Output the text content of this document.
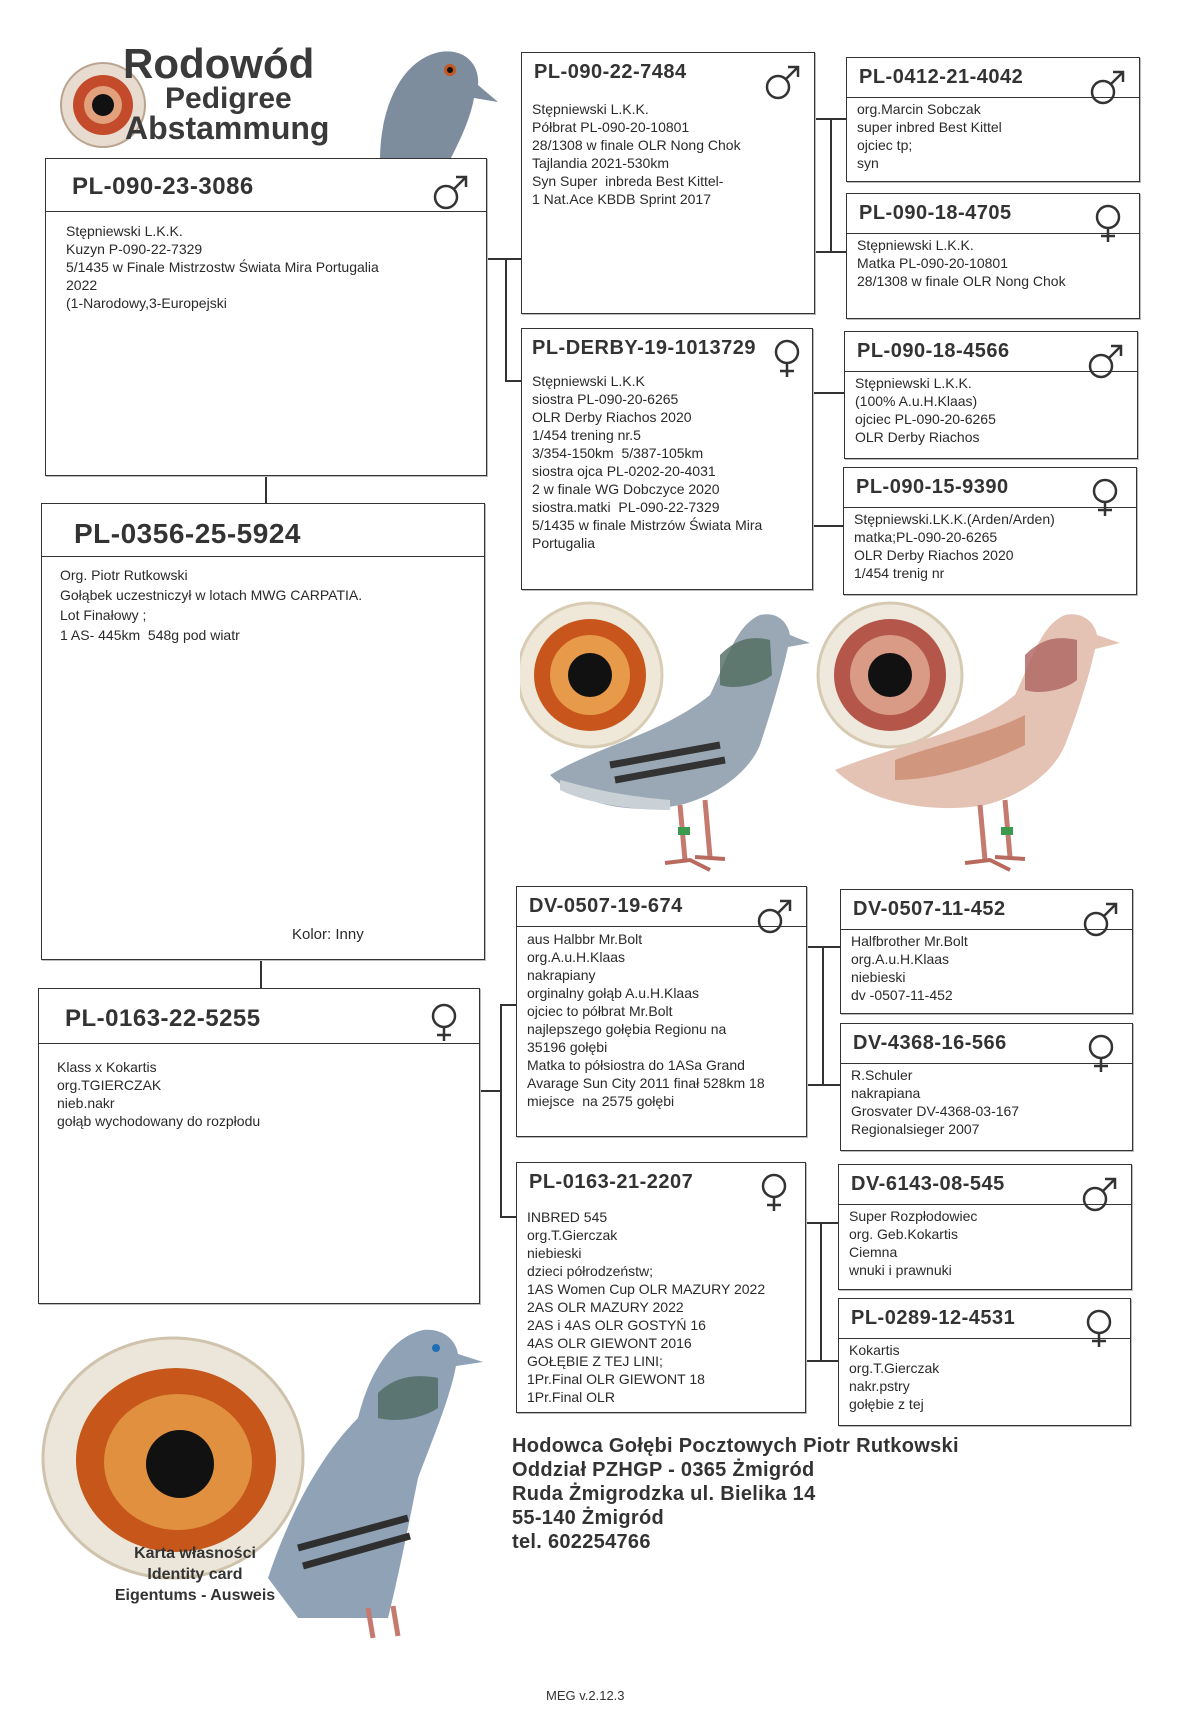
Rodowód
Pedigree
Abstammung
PL-090-23-3086
Stępniewski L.K.K.
Kuzyn P-090-22-7329
5/1435 w Finale Mistrzostw Świata Mira Portugalia
2022
(1-Narodowy,3-Europejski
PL-0356-25-5924
Org. Piotr Rutkowski
Gołąbek uczestniczył w lotach MWG CARPATIA.
Lot Finałowy ;
1 AS- 445km  548g pod wiatr
Kolor: Inny
PL-0163-22-5255
Klass x Kokartis
org.TGIERCZAK
nieb.nakr
gołąb wychodowany do rozpłodu
PL-090-22-7484
Stępniewski L.K.K.
Półbrat PL-090-20-10801
28/1308 w finale OLR Nong Chok
Tajlandia 2021-530km
Syn Super  inbreda Best Kittel-
1 Nat.Ace KBDB Sprint 2017
PL-DERBY-19-1013729
Stępniewski L.K.K
siostra PL-090-20-6265
OLR Derby Riachos 2020
1/454 trening nr.5
3/354-150km  5/387-105km
siostra ojca PL-0202-20-4031
2 w finale WG Dobczyce 2020
siostra.matki  PL-090-22-7329
5/1435 w finale Mistrzów Świata Mira
Portugalia
PL-0412-21-4042
org.Marcin Sobczak
super inbred Best Kittel
ojciec tp;
syn
PL-090-18-4705
Stępniewski L.K.K.
Matka PL-090-20-10801
28/1308 w finale OLR Nong Chok
PL-090-18-4566
Stępniewski L.K.K.
(100% A.u.H.Klaas)
ojciec PL-090-20-6265
OLR Derby Riachos
PL-090-15-9390
Stępniewski.LK.K.(Arden/Arden)
matka;PL-090-20-6265
OLR Derby Riachos 2020
1/454 trenig nr
DV-0507-19-674
aus Halbbr Mr.Bolt
org.A.u.H.Klaas
nakrapiany
orginalny gołąb A.u.H.Klaas
ojciec to półbrat Mr.Bolt
najlepszego gołębia Regionu na
35196 gołębi
Matka to półsiostra do 1ASa Grand
Avarage Sun City 2011 finał 528km 18
miejsce  na 2575 gołębi
PL-0163-21-2207
INBRED 545
org.T.Gierczak
niebieski
dzieci półrodzeństw;
1AS Women Cup OLR MAZURY 2022
2AS OLR MAZURY 2022
2AS i 4AS OLR GOSTYŃ 16
4AS OLR GIEWONT 2016
GOŁĘBIE Z TEJ LINI;
1Pr.Final OLR GIEWONT 18
1Pr.Final OLR
DV-0507-11-452
Halfbrother Mr.Bolt
org.A.u.H.Klaas
niebieski
dv -0507-11-452
DV-4368-16-566
R.Schuler
nakrapiana
Grosvater DV-4368-03-167
Regionalsieger 2007
DV-6143-08-545
Super Rozpłodowiec
org. Geb.Kokartis
Ciemna
wnuki i prawnuki
PL-0289-12-4531
Kokartis
org.T.Gierczak
nakr.pstry
gołębie z tej
Karta własności
Identity card
Eigentums - Ausweis
Hodowca Gołębi Pocztowych Piotr Rutkowski
Oddział PZHGP - 0365 Żmigród
Ruda Żmigrodzka ul. Bielika 14
55-140 Żmigród
tel. 602254766
MEG v.2.12.3
